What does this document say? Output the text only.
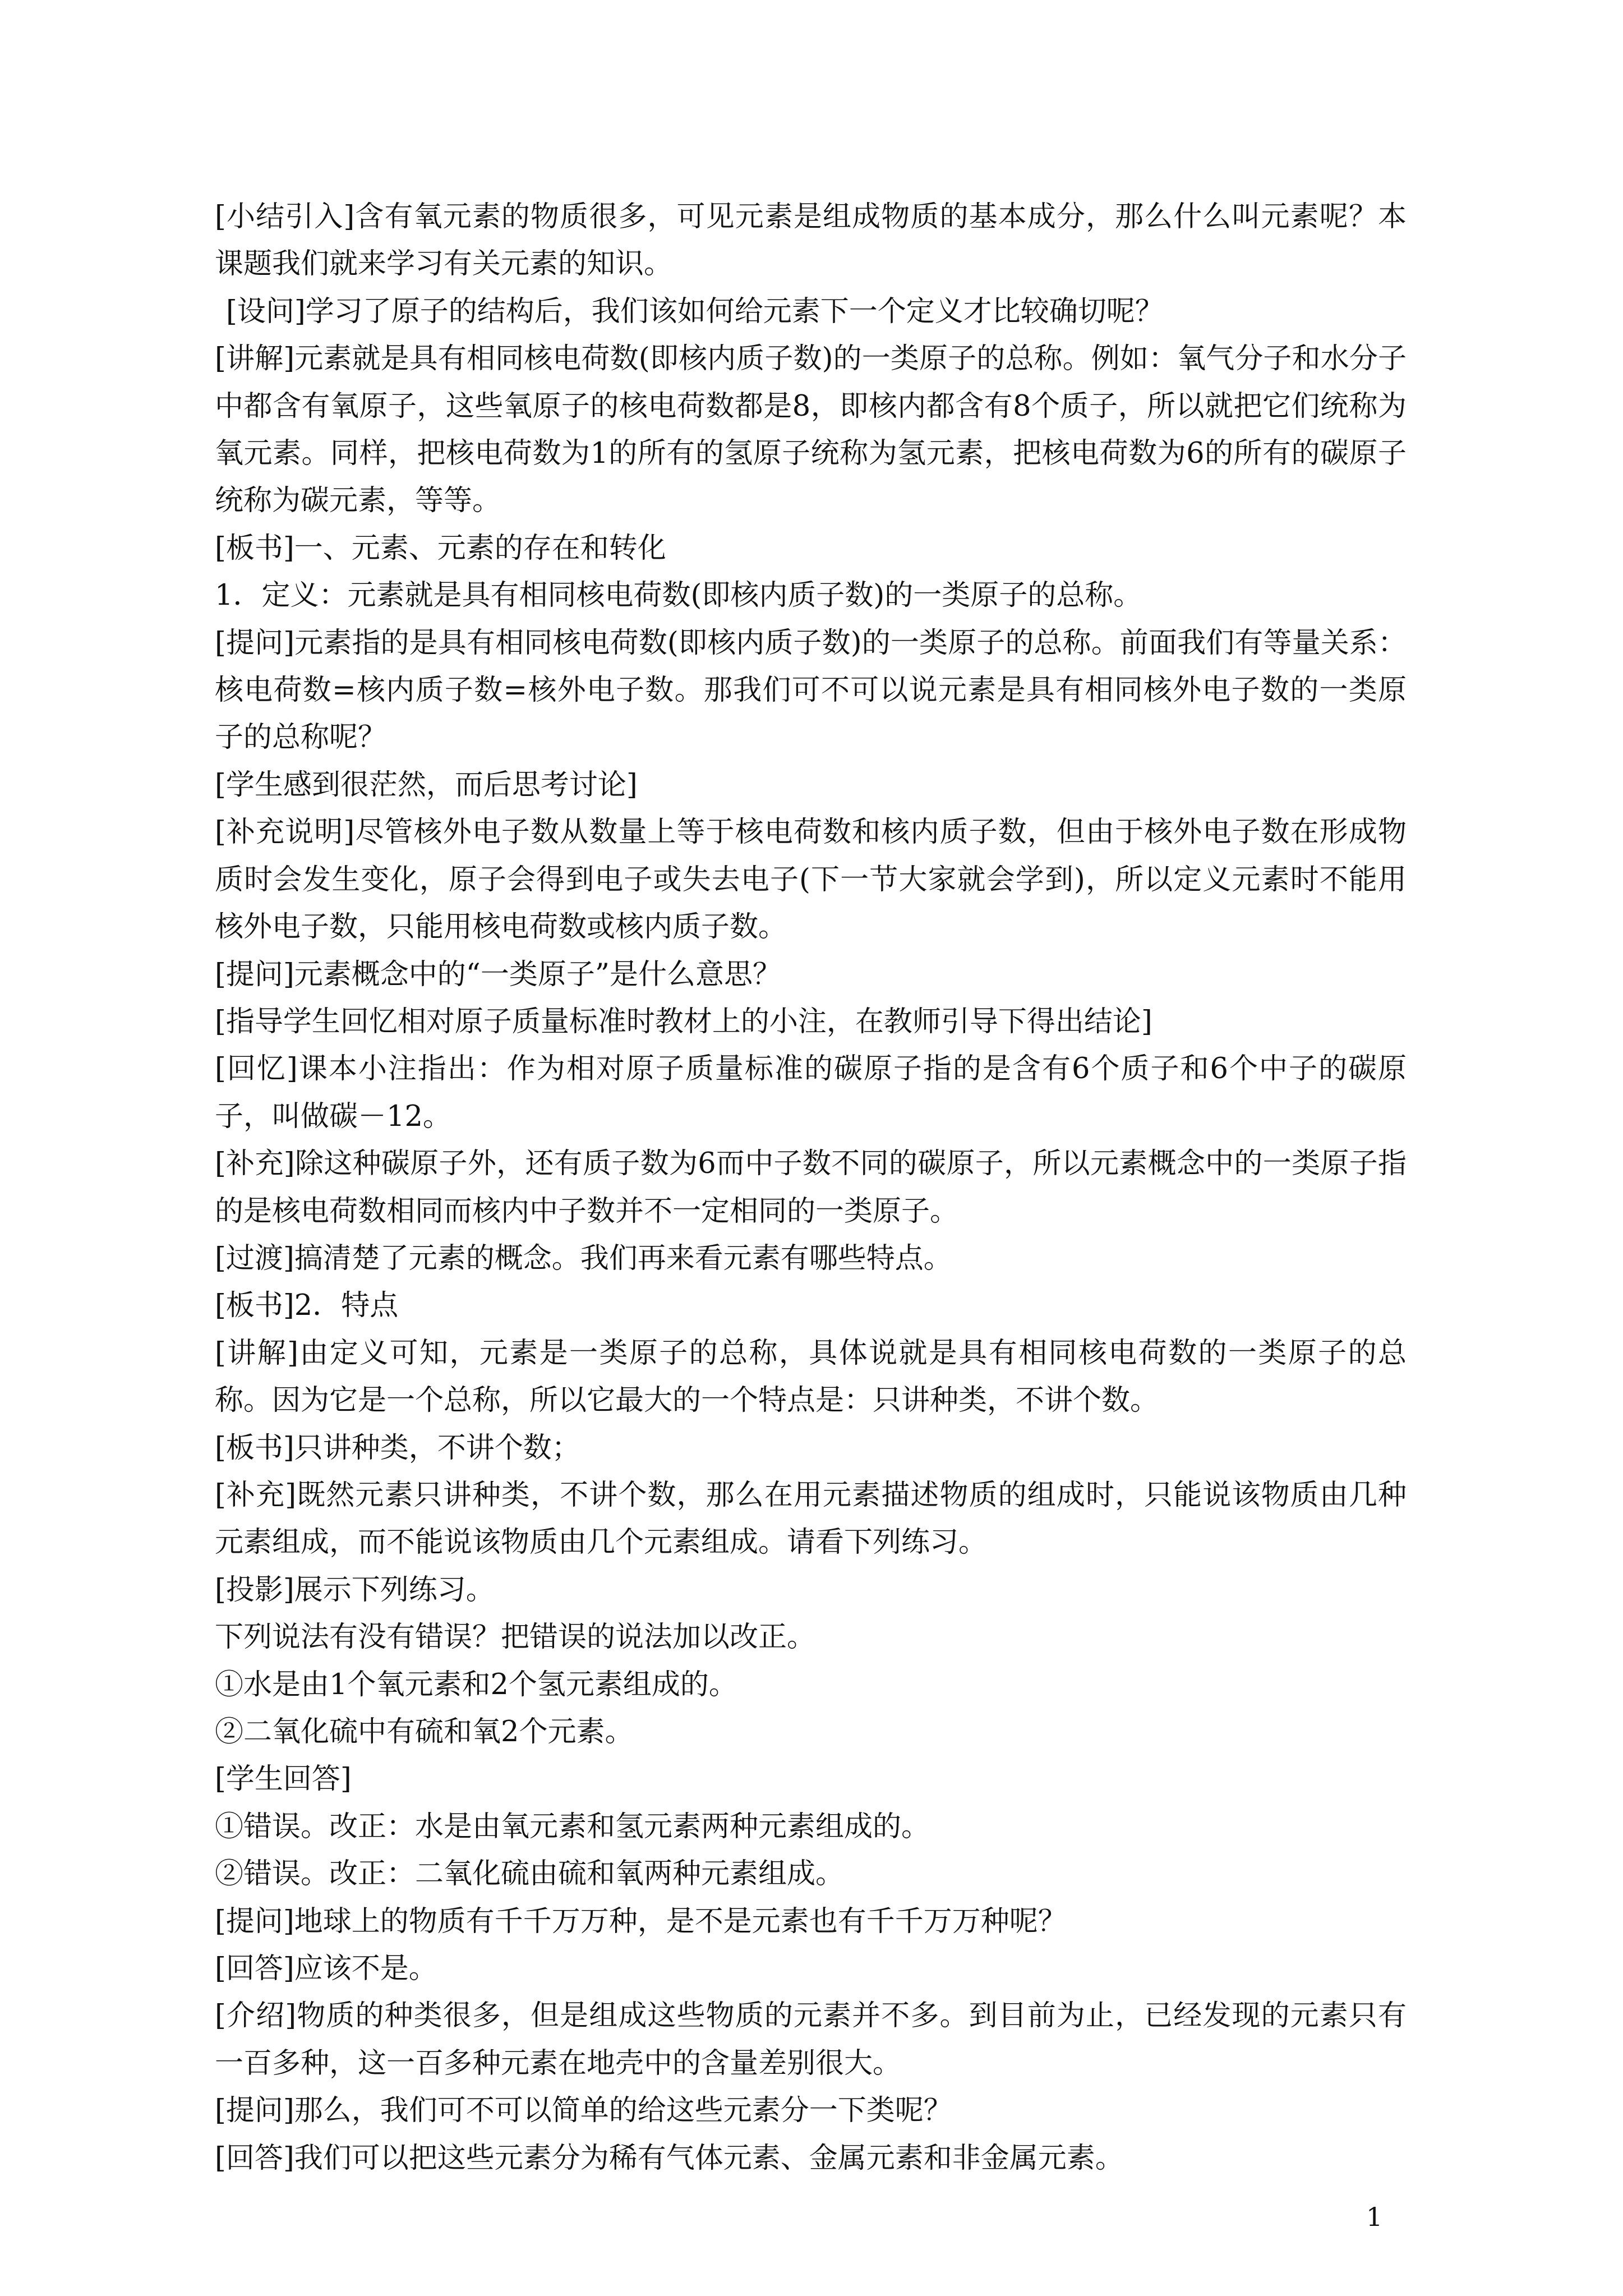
[小结引入]含有氧元素的物质很多，可见元素是组成物质的基本成分，那么什么叫元素呢？本课题我们就来学习有关元素的知识。

[设问]学习了原子的结构后，我们该如何给元素下一个定义才比较确切呢？

[讲解]元素就是具有相同核电荷数(即核内质子数)的一类原子的总称。例如：氧气分子和水分子中都含有氧原子，这些氧原子的核电荷数都是8，即核内都含有8个质子，所以就把它们统称为氧元素。同样，把核电荷数为1的所有的氢原子统称为氢元素，把核电荷数为6的所有的碳原子统称为碳元素，等等。

[板书]一、元素、元素的存在和转化

1．定义：元素就是具有相同核电荷数(即核内质子数)的一类原子的总称。

[提问]元素指的是具有相同核电荷数(即核内质子数)的一类原子的总称。前面我们有等量关系：核电荷数=核内质子数=核外电子数。那我们可不可以说元素是具有相同核外电子数的一类原子的总称呢？

[学生感到很茫然，而后思考讨论]

[补充说明]尽管核外电子数从数量上等于核电荷数和核内质子数，但由于核外电子数在形成物质时会发生变化，原子会得到电子或失去电子(下一节大家就会学到)，所以定义元素时不能用核外电子数，只能用核电荷数或核内质子数。

[提问]元素概念中的“一类原子”是什么意思？

[指导学生回忆相对原子质量标准时教材上的小注，在教师引导下得出结论]

[回忆]课本小注指出：作为相对原子质量标准的碳原子指的是含有6个质子和6个中子的碳原子，叫做碳－12。

[补充]除这种碳原子外，还有质子数为6而中子数不同的碳原子，所以元素概念中的一类原子指的是核电荷数相同而核内中子数并不一定相同的一类原子。

[过渡]搞清楚了元素的概念。我们再来看元素有哪些特点。

[板书]2．特点

[讲解]由定义可知，元素是一类原子的总称，具体说就是具有相同核电荷数的一类原子的总称。因为它是一个总称，所以它最大的一个特点是：只讲种类，不讲个数。

[板书]只讲种类，不讲个数；

[补充]既然元素只讲种类，不讲个数，那么在用元素描述物质的组成时，只能说该物质由几种元素组成，而不能说该物质由几个元素组成。请看下列练习。

[投影]展示下列练习。

下列说法有没有错误？把错误的说法加以改正。

①水是由1个氧元素和2个氢元素组成的。

②二氧化硫中有硫和氧2个元素。

[学生回答]

①错误。改正：水是由氧元素和氢元素两种元素组成的。

②错误。改正：二氧化硫由硫和氧两种元素组成。

[提问]地球上的物质有千千万万种，是不是元素也有千千万万种呢？

[回答]应该不是。

[介绍]物质的种类很多，但是组成这些物质的元素并不多。到目前为止，已经发现的元素只有一百多种，这一百多种元素在地壳中的含量差别很大。

[提问]那么，我们可不可以简单的给这些元素分一下类呢？

[回答]我们可以把这些元素分为稀有气体元素、金属元素和非金属元素。

1
